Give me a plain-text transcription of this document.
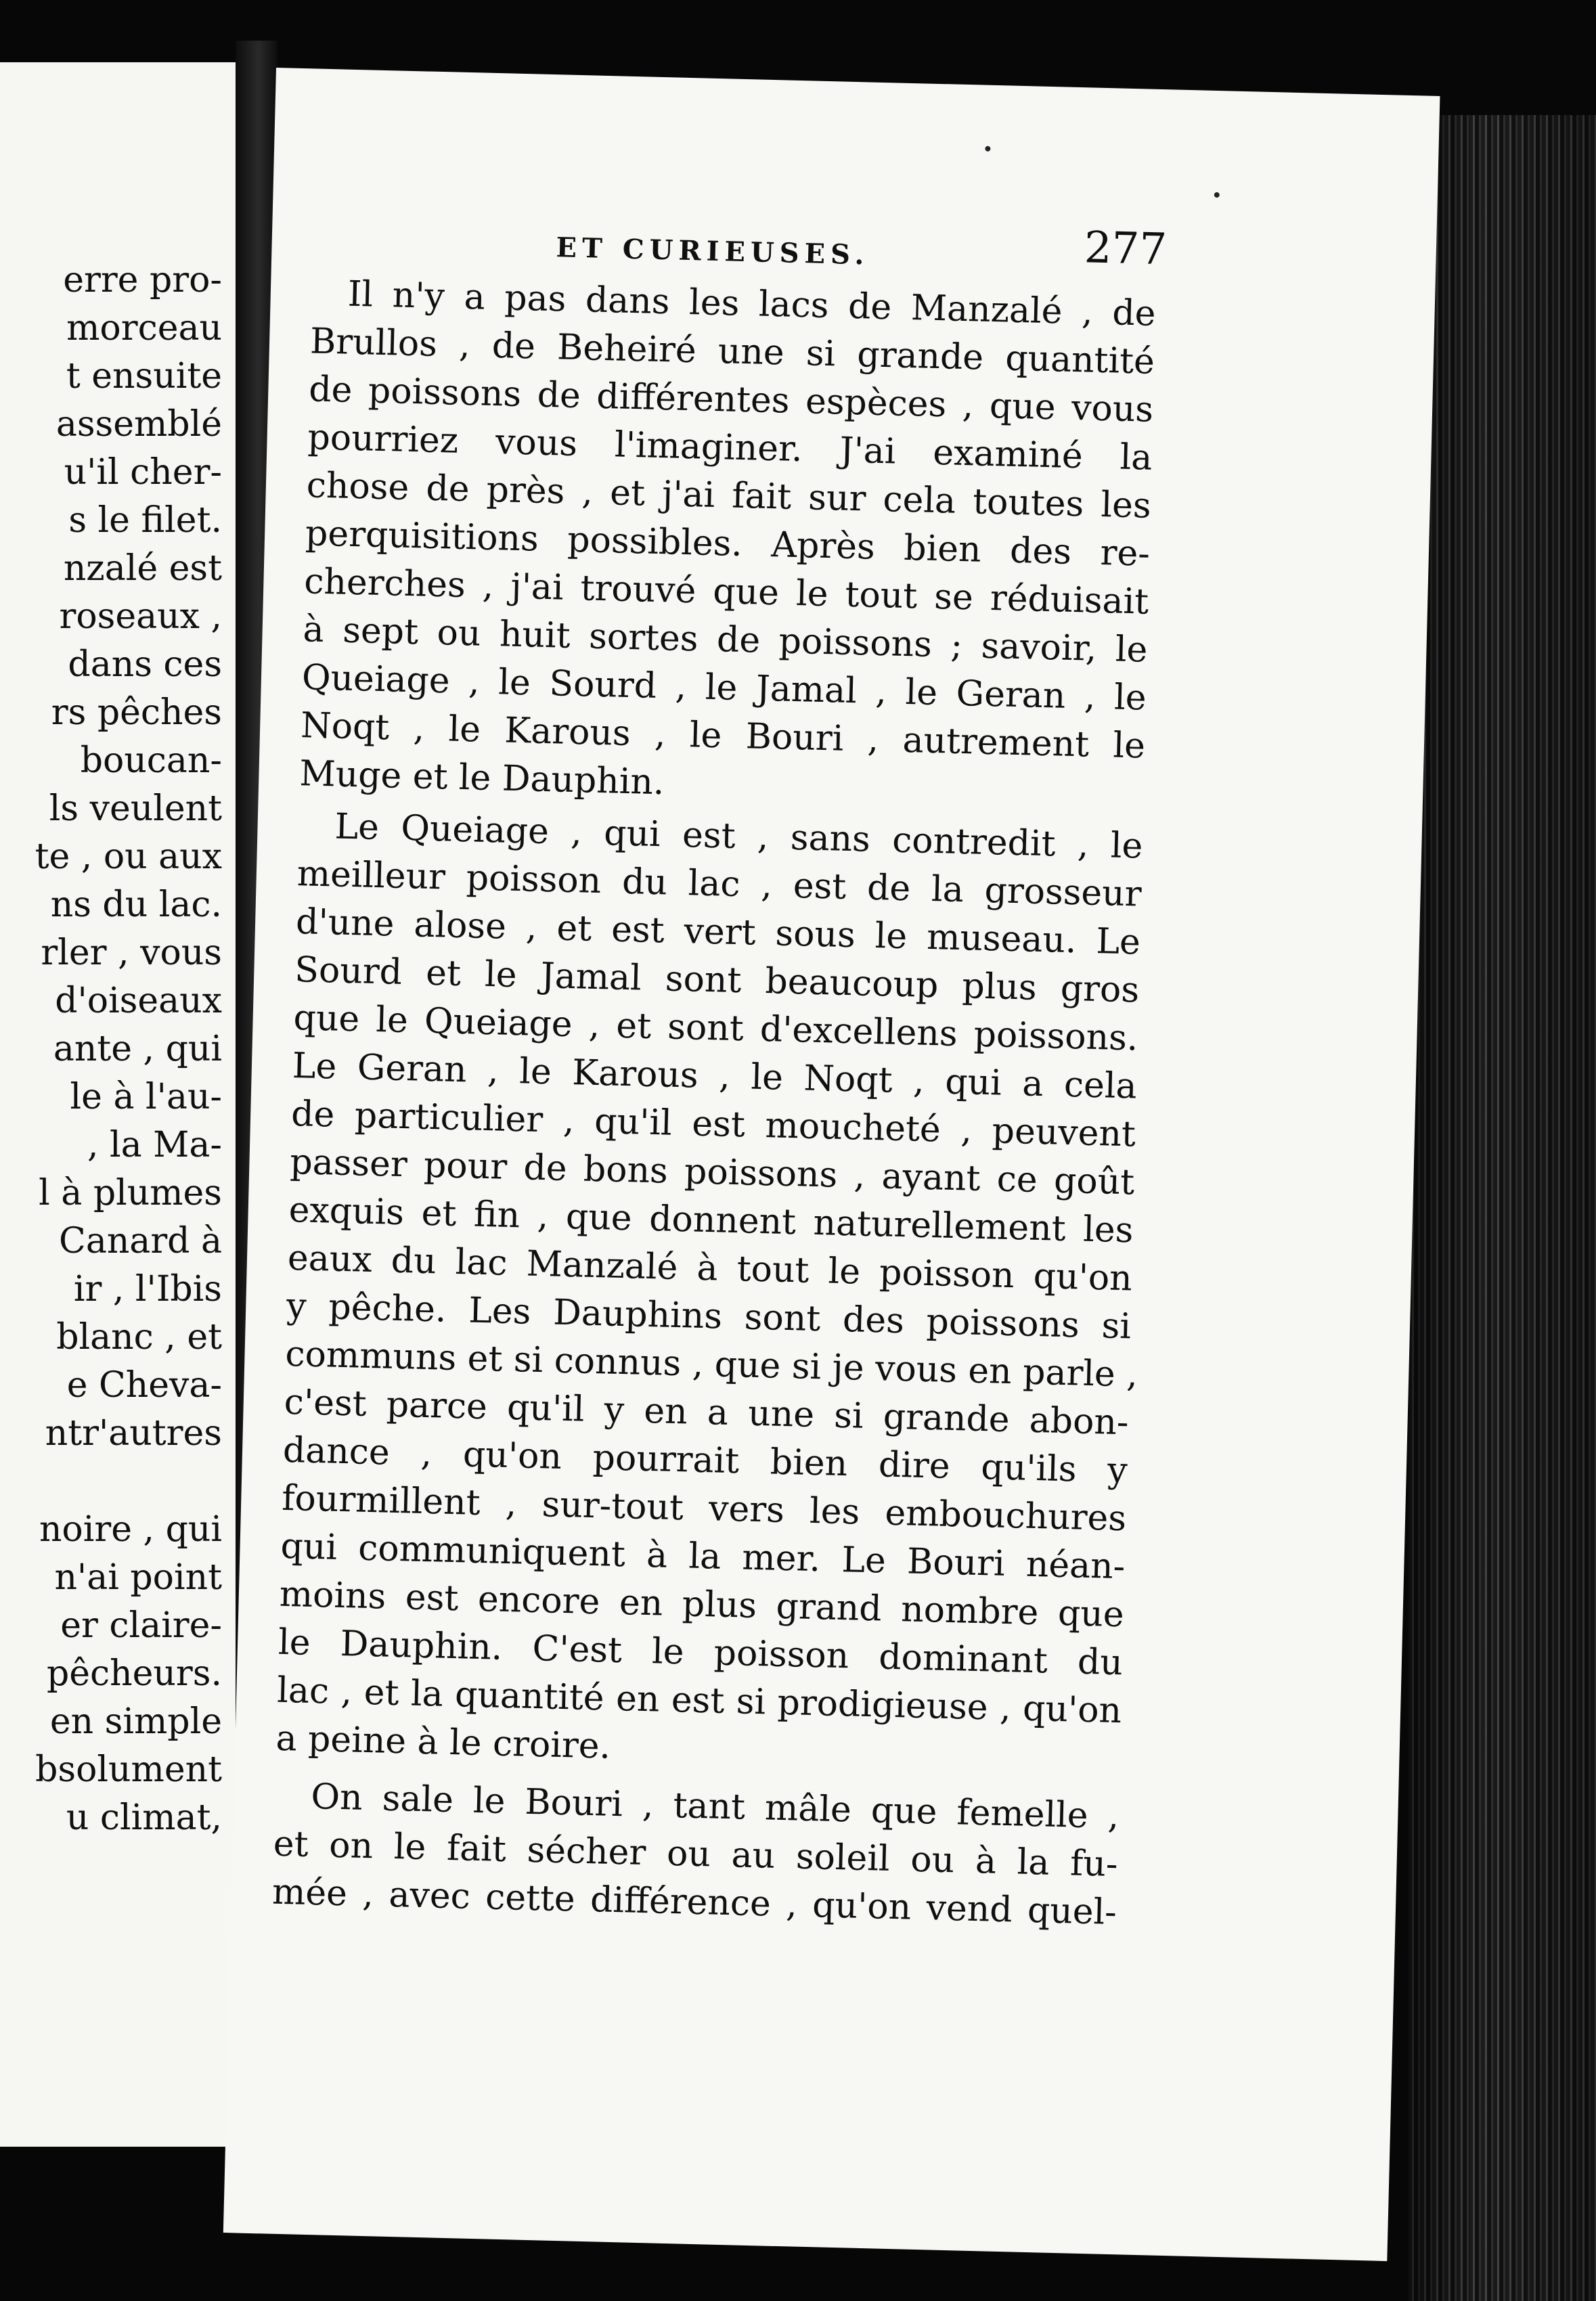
erre pro-

morceau

t ensuite

assemblé

u'il cher-

s le filet.

nzalé est

roseaux ,

dans ces

rs pêches

boucan-

ls veulent

te , ou aux

ns du lac.

rler , vous

d'oiseaux

ante , qui

le à l'au-

, la Ma-

l à plumes

Canard à

ir , l'Ibis

blanc , et

e Cheva-

ntr'autres

noire , qui

n'ai point

er claire-

pêcheurs.

en simple

bsolument

u climat,

ET CURIEUSES.	277

Il n'y a pas dans les lacs de Manzalé , de

Brullos , de Beheiré une si grande quantité

de poissons de différentes espèces , que vous

pourriez vous l'imaginer. J'ai examiné la

chose de près , et j'ai fait sur cela toutes les

perquisitions possibles. Après bien des re-

cherches , j'ai trouvé que le tout se réduisait

à sept ou huit sortes de poissons ; savoir, le

Queiage , le Sourd , le Jamal , le Geran , le

Noqt , le Karous , le Bouri , autrement le

Muge et le Dauphin.

Le Queiage , qui est , sans contredit , le

meilleur poisson du lac , est de la grosseur

d'une alose , et est vert sous le museau. Le

Sourd et le Jamal sont beaucoup plus gros

que le Queiage , et sont d'excellens poissons.

Le Geran , le Karous , le Noqt , qui a cela

de particulier , qu'il est moucheté , peuvent

passer pour de bons poissons , ayant ce goût

exquis et fin , que donnent naturellement les

eaux du lac Manzalé à tout le poisson qu'on

y pêche. Les Dauphins sont des poissons si

communs et si connus , que si je vous en parle ,

c'est parce qu'il y en a une si grande abon-

dance , qu'on pourrait bien dire qu'ils y

fourmillent , sur-tout vers les embouchures

qui communiquent à la mer. Le Bouri néan-

moins est encore en plus grand nombre que

le Dauphin. C'est le poisson dominant du

lac , et la quantité en est si prodigieuse , qu'on

a peine à le croire.

On sale le Bouri , tant mâle que femelle ,

et on le fait sécher ou au soleil ou à la fu-

mée , avec cette différence , qu'on vend quel-
